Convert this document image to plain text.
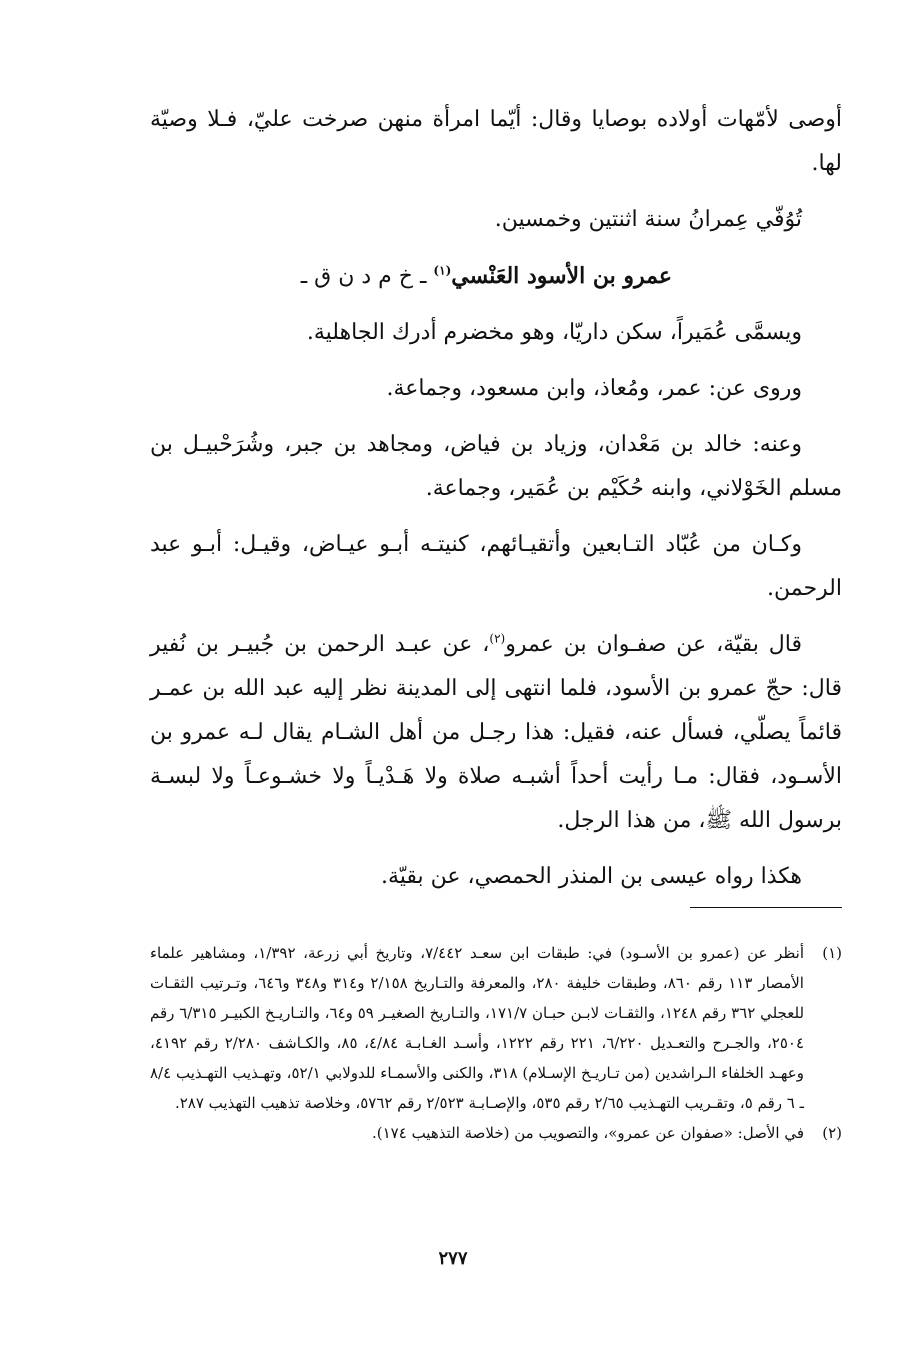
أوصى لأمّهات أولاده بوصايا وقال: أيّما امرأة منهن صرخت عليّ، فـلا وصيّة لها.

تُوُفّي عِمرانُ سنة اثنتين وخمسين.

عمرو بن الأسود العَنْسي$^{(١)}$ ـ خ م د ن ق ـ

ويسمَّى عُمَيراً، سكن داريّا، وهو مخضرم أدرك الجاهلية.

وروى عن: عمر، ومُعاذ، وابن مسعود، وجماعة.

وعنه: خالد بن مَعْدان، وزياد بن فياض، ومجاهد بن جبر، وشُرَحْبيـل بن مسلم الخَوْلاني، وابنه حُكَيْم بن عُمَير، وجماعة.

وكـان من عُبّاد التـابعين وأتقيـائهم، كنيتـه أبـو عيـاض، وقيـل: أبـو عبد الرحمن.

قال بقيّة، عن صفـوان بن عمرو$^{(٢)}$، عن عبـد الرحمن بن جُبيـر بن نُفير قال: حجّ عمرو بن الأسود، فلما انتهى إلى المدينة نظر إليه عبد الله بن عمـر قائماً يصلّي، فسأل عنه، فقيل: هذا رجـل من أهل الشـام يقال لـه عمرو بن الأسـود، فقال: مـا رأيت أحداً أشبـه صلاة ولا هَـدْيـاً ولا خشـوعـاً ولا لبسـة برسول الله ﷺ، من هذا الرجل.

هكذا رواه عيسى بن المنذر الحمصي، عن بقيّة.

(١)
أنظر عن (عمرو بن الأسـود) في: طبقات ابن سعـد ٧/٤٤٢، وتاريخ أبي زرعة، ١/٣٩٢، ومشاهير علماء الأمصار ١١٣ رقم ٨٦٠، وطبقات خليفة ٢٨٠، والمعرفة والتـاريخ ٢/١٥٨ و٣١٤ و٣٤٨ و٦٤٦، وتـرتيب الثقـات للعجلي ٣٦٢ رقم ١٢٤٨، والثقـات لابـن حبـان ١٧١/٧، والتـاريخ الصغيـر ٥٩ و٦٤، والتـاريـخ الكبيـر ٦/٣١٥ رقم ٢٥٠٤، والجـرح والتعـديل ٦/٢٢٠، ٢٢١ رقم ١٢٢٢، وأسـد الغـابـة ٤/٨٤، ٨٥، والكـاشف ٢/٢٨٠ رقم ٤١٩٢، وعهـد الخلفاء الـراشدين (من تـاريـخ الإسـلام) ٣١٨، والكنى والأسمـاء للدولابي ٥٢/١، وتهـذيب التهـذيب ٨/٤ ـ ٦ رقم ٥، وتقـريب التهـذيب ٢/٦٥ رقم ٥٣٥، والإصـابـة ٢/٥٢٣ رقم ٥٧٦٢، وخلاصة تذهيب التهذيب ٢٨٧.

(٢)
في الأصل: «صفوان عن عمرو»، والتصويب من (خلاصة التذهيب ١٧٤).

٢٧٧
